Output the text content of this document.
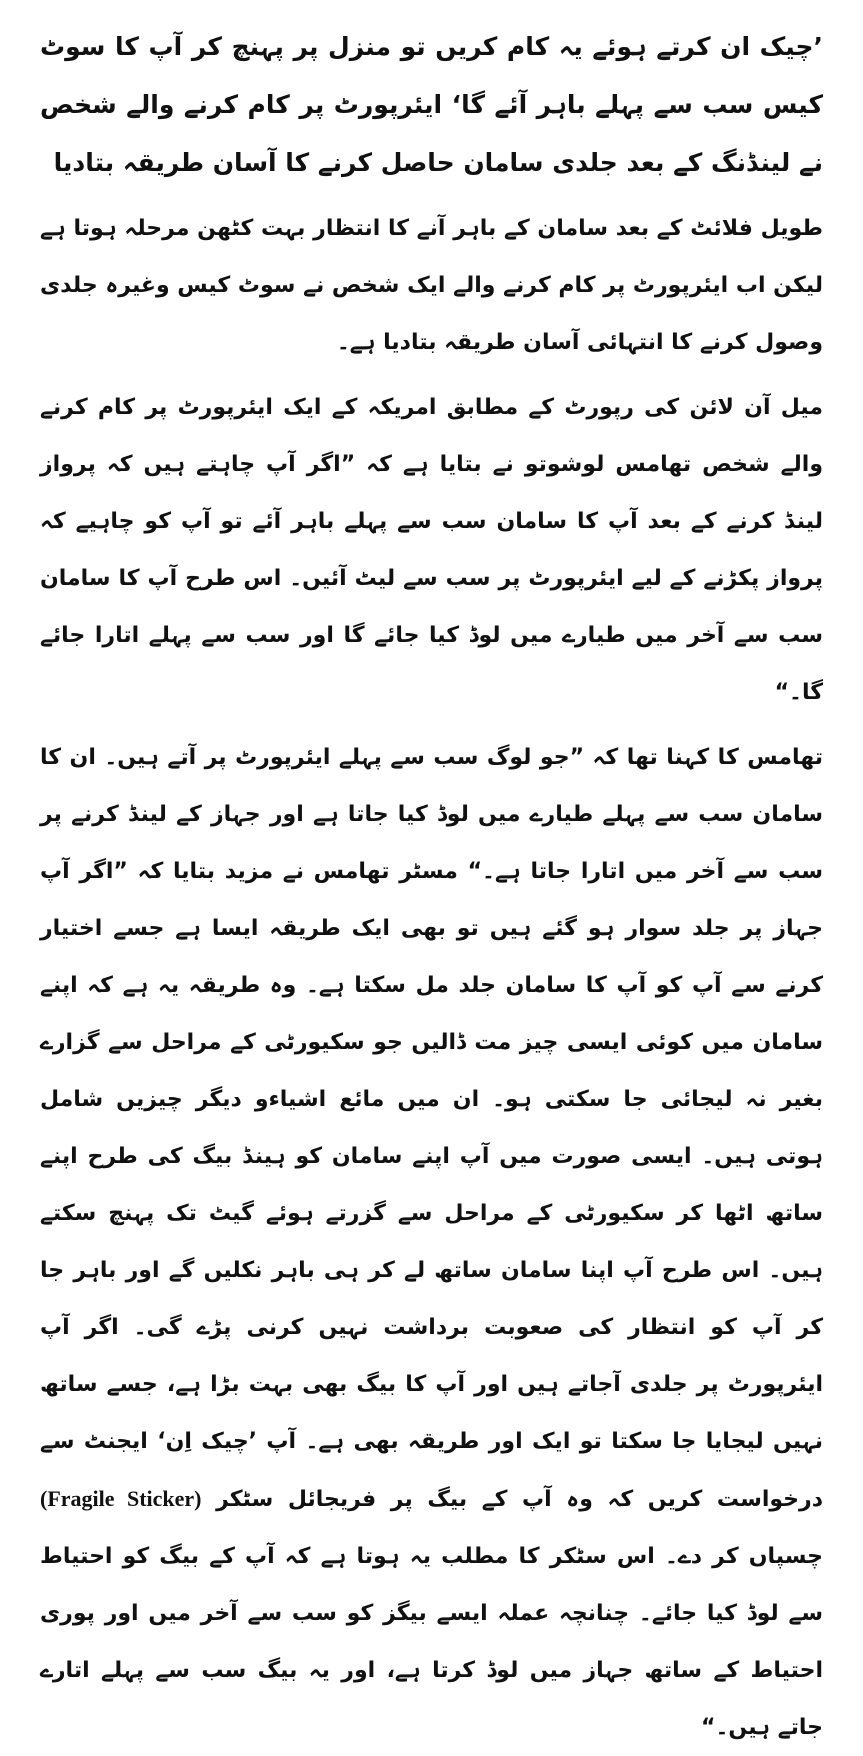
’چیک ان کرتے ہوئے یہ کام کریں تو منزل پر پہنچ کر آپ کا سوٹ کیس سب سے پہلے باہر آئے گا‘ ایئرپورٹ پر کام کرنے والے شخص نے لینڈنگ کے بعد جلدی سامان حاصل کرنے کا آسان طریقہ بتادیا

طویل فلائٹ کے بعد سامان کے باہر آنے کا انتظار بہت کٹھن مرحلہ ہوتا ہے لیکن اب ایئرپورٹ پر کام کرنے والے ایک شخص نے سوٹ کیس وغیرہ جلدی وصول کرنے کا انتہائی آسان طریقہ بتادیا ہے۔

میل آن لائن کی رپورٹ کے مطابق امریکہ کے ایک ایئرپورٹ پر کام کرنے والے شخص تھامس لوشوتو نے بتایا ہے کہ ”اگر آپ چاہتے ہیں کہ پرواز لینڈ کرنے کے بعد آپ کا سامان سب سے پہلے باہر آئے تو آپ کو چاہیے کہ پرواز پکڑنے کے لیے ایئرپورٹ پر سب سے لیٹ آئیں۔ اس طرح آپ کا سامان سب سے آخر میں طیارے میں لوڈ کیا جائے گا اور سب سے پہلے اتارا جائے گا۔“

تھامس کا کہنا تھا کہ ”جو لوگ سب سے پہلے ایئرپورٹ پر آتے ہیں۔ ان کا سامان سب سے پہلے طیارے میں لوڈ کیا جاتا ہے اور جہاز کے لینڈ کرنے پر سب سے آخر میں اتارا جاتا ہے۔“ مسٹر تھامس نے مزید بتایا کہ ”اگر آپ جہاز پر جلد سوار ہو گئے ہیں تو بھی ایک طریقہ ایسا ہے جسے اختیار کرنے سے آپ کو آپ کا سامان جلد مل سکتا ہے۔ وہ طریقہ یہ ہے کہ اپنے سامان میں کوئی ایسی چیز مت ڈالیں جو سکیورٹی کے مراحل سے گزارے بغیر نہ لیجائی جا سکتی ہو۔ ان میں مائع اشیاءو دیگر چیزیں شامل ہوتی ہیں۔ ایسی صورت میں آپ اپنے سامان کو ہینڈ بیگ کی طرح اپنے ساتھ اٹھا کر سکیورٹی کے مراحل سے گزرتے ہوئے گیٹ تک پہنچ سکتے ہیں۔ اس طرح آپ اپنا سامان ساتھ لے کر ہی باہر نکلیں گے اور باہر جا کر آپ کو انتظار کی صعوبت برداشت نہیں کرنی پڑے گی۔ اگر آپ ایئرپورٹ پر جلدی آجاتے ہیں اور آپ کا بیگ بھی بہت بڑا ہے، جسے ساتھ نہیں لیجایا جا سکتا تو ایک اور طریقہ بھی ہے۔ آپ ’چیک اِن‘ ایجنٹ سے درخواست کریں کہ وہ آپ کے بیگ پر فریجائل سٹکر (Fragile Sticker) چسپاں کر دے۔ اس سٹکر کا مطلب یہ ہوتا ہے کہ آپ کے بیگ کو احتیاط سے لوڈ کیا جائے۔ چنانچہ عملہ ایسے بیگز کو سب سے آخر میں اور پوری احتیاط کے ساتھ جہاز میں لوڈ کرتا ہے، اور یہ بیگ سب سے پہلے اتارے جاتے ہیں۔“
